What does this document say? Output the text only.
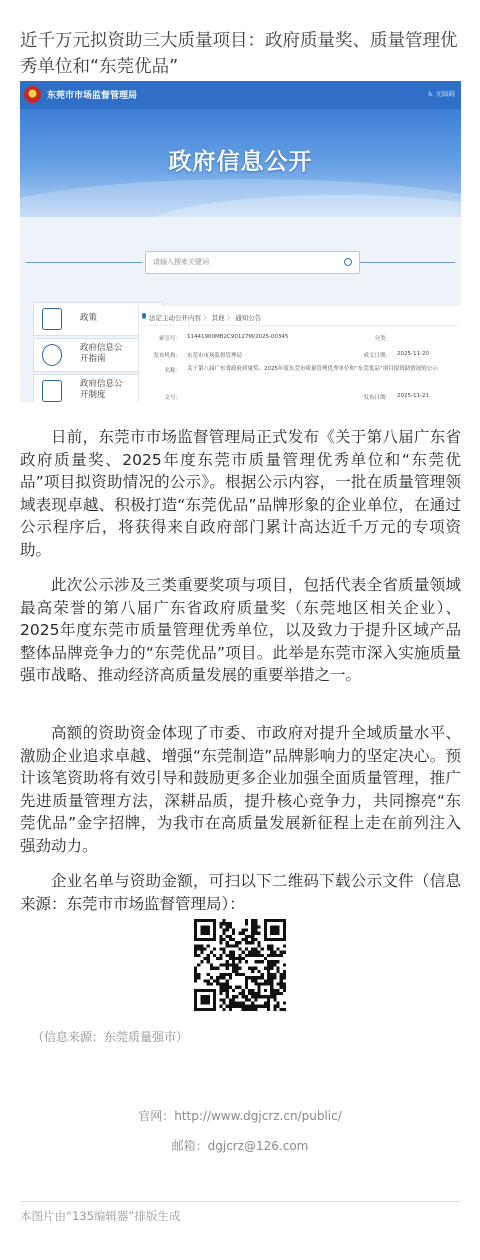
近千万元拟资助三大质量项目：政府质量奖、质量管理优秀单位和“东莞优品”
东莞市市场监督管理局	♿ 无障碍
政府信息公开
请输入搜索关键词
政策
政府信息公开指南
政府信息公开制度
法定主动公开内容 〉 其他 〉 通知公告
索引号： 11441900MB2C90127M/2025-00345	分类：
发布机构： 东莞市市场监督管理局	成文日期： 2025-11-20
名称： 关于第八届广东省政府质量奖、2025年度东莞市质量管理优秀单位和“东莞优品”项目拟资助情况的公示
文号：	发布日期： 2025-11-21

日前，东莞市市场监督管理局正式发布《关于第八届广东省政府质量奖、2025年度东莞市质量管理优秀单位和“东莞优品”项目拟资助情况的公示》。根据公示内容，一批在质量管理领域表现卓越、积极打造“东莞优品”品牌形象的企业单位，在通过公示程序后，将获得来自政府部门累计高达近千万元的专项资助。

此次公示涉及三类重要奖项与项目，包括代表全省质量领域最高荣誉的第八届广东省政府质量奖（东莞地区相关企业）、2025年度东莞市质量管理优秀单位，以及致力于提升区域产品整体品牌竞争力的“东莞优品”项目。此举是东莞市深入实施质量强市战略、推动经济高质量发展的重要举措之一。

高额的资助资金体现了市委、市政府对提升全域质量水平、激励企业追求卓越、增强“东莞制造”品牌影响力的坚定决心。预计该笔资助将有效引导和鼓励更多企业加强全面质量管理，推广先进质量管理方法，深耕品质，提升核心竞争力，共同擦亮“东莞优品”金字招牌，为我市在高质量发展新征程上走在前列注入强劲动力。

企业名单与资助金额，可扫以下二维码下载公示文件（信息来源：东莞市市场监督管理局）：

（信息来源：东莞质量强市）
官网：http://www.dgjcrz.cn/public/
邮箱：dgjcrz@126.com
本图片由“135编辑器”排版生成
